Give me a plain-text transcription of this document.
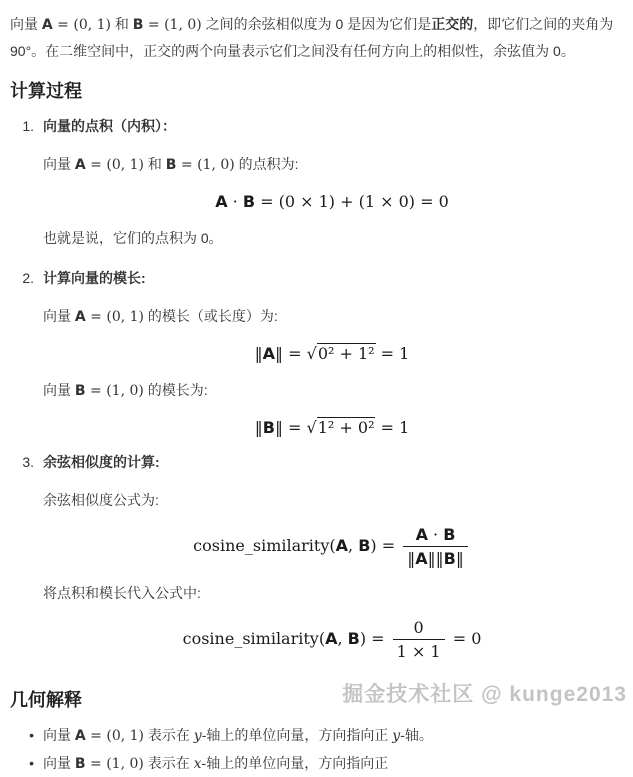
向量 A = (0, 1) 和 B = (1, 0) 之间的余弦相似度为 0 是因为它们是正交的，即它们之间的夹角为 90°。在二维空间中，正交的两个向量表示它们之间没有任何方向上的相似性，余弦值为 0。

计算过程
1. 向量的点积（内积）：

向量 A = (0, 1) 和 B = (1, 0) 的点积为:

A · B = (0 × 1) + (1 × 0) = 0

也就是说，它们的点积为 0。

2. 计算向量的模长:

向量 A = (0, 1) 的模长（或长度）为:

‖A‖ = √0² + 1² = 1

向量 B = (1, 0) 的模长为:

‖B‖ = √1² + 0² = 1
3. 余弦相似度的计算:

余弦相似度公式为:

cosine_similarity(A, $B) = \frac{A \cdot B}{‖A‖‖B‖}$

将点积和模长代入公式中:

cosine_similarity(A, $B) = \frac{0}{1 \times 1} = 0$
几何解释
• 向量 A = (0, 1) 表示在 y-轴上的单位向量，方向指向正 y-轴。
• 向量 B = (1, 0) 表示在 x-轴上的单位向量，方向指向正
掘金技术社区 @ kunge2013
